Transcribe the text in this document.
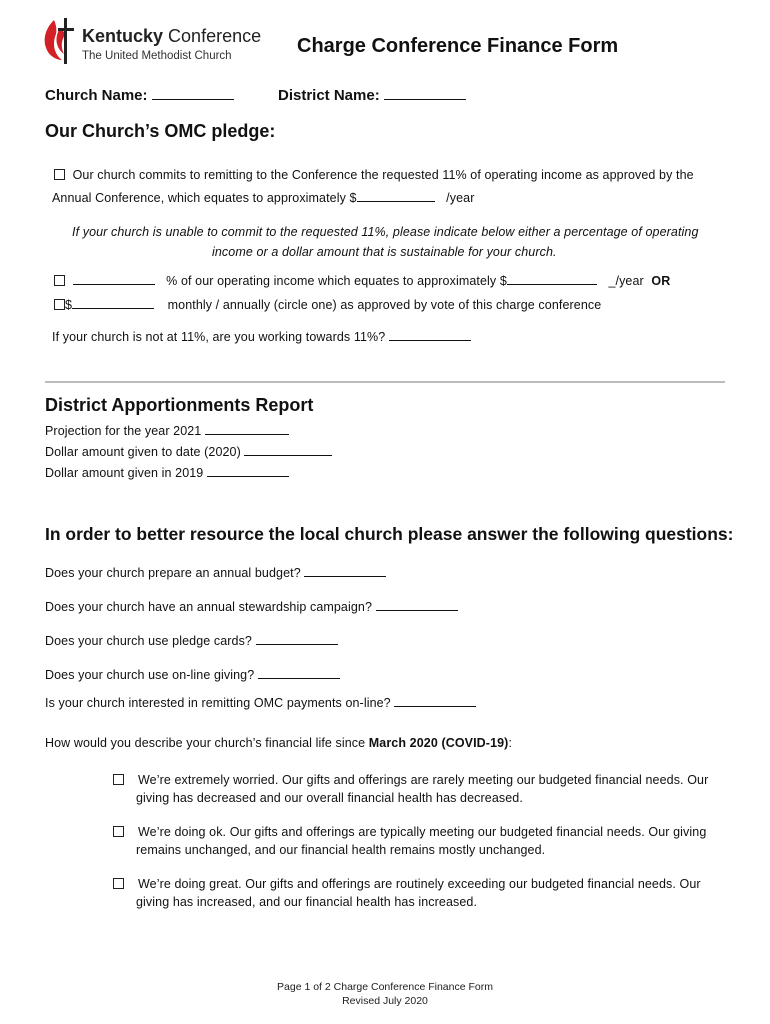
Kentucky Conference
The United Methodist Church	Charge Conference Finance Form
Church Name:	District Name:
Our Church’s OMC pledge:
Our church commits to remitting to the Conference the requested 11% of operating income as approved by the
Annual Conference, which equates to approximately $	/year
If your church is unable to commit to the requested 11%, please indicate below either a percentage of operating
income or a dollar amount that is sustainable for your church.
% of our operating income which equates to approximately $	_/year OR
$	monthly / annually (circle one) as approved by vote of this charge conference
If your church is not at 11%, are you working towards 11%?
District Apportionments Report
Projection for the year 2021
Dollar amount given to date (2020)
Dollar amount given in 2019
In order to better resource the local church please answer the following questions:
Does your church prepare an annual budget?
Does your church have an annual stewardship campaign?
Does your church use pledge cards?
Does your church use on-line giving?
Is your church interested in remitting OMC payments on-line?
How would you describe your church’s financial life since March 2020 (COVID-19):
We’re extremely worried. Our gifts and offerings are rarely meeting our budgeted financial needs. Our
giving has decreased and our overall financial health has decreased.
We’re doing ok. Our gifts and offerings are typically meeting our budgeted financial needs. Our giving
remains unchanged, and our financial health remains mostly unchanged.
We’re doing great. Our gifts and offerings are routinely exceeding our budgeted financial needs. Our
giving has increased, and our financial health has increased.
Page 1 of 2 Charge Conference Finance Form
Revised July 2020
